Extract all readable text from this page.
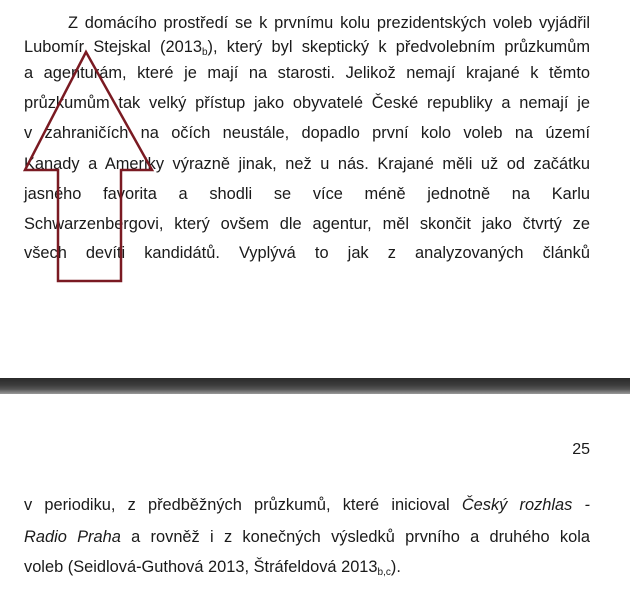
Z domácího prostředí se k prvnímu kolu prezidentských voleb vyjádřil
Lubomír Stejskal $(2013_b)$, který byl skeptický k předvolebním průzkumům
a agenturám, které je mají na starosti. Jelikož nemají krajané k těmto
průzkumům tak velký přístup jako obyvatelé České republiky a nemají je
v zahraničích na očích neustále, dopadlo první kolo voleb na území
Kanady a Ameriky výrazně jinak, než u nás. Krajané měli už od začátku
jasného favorita a shodli se více méně jednotně na Karlu
Schwarzenbergovi, který ovšem dle agentur, měl skončit jako čtvrtý ze
všech devíti kandidátů. Vyplývá to jak z analyzovaných článků
25
v periodiku, z předběžných průzkumů, které inicioval Český rozhlas -
Radio Praha a rovněž i z konečných výsledků prvního a druhého kola
voleb (Seidlová-Guthová 2013, Štráfeldová $2013_{b,c}$).
